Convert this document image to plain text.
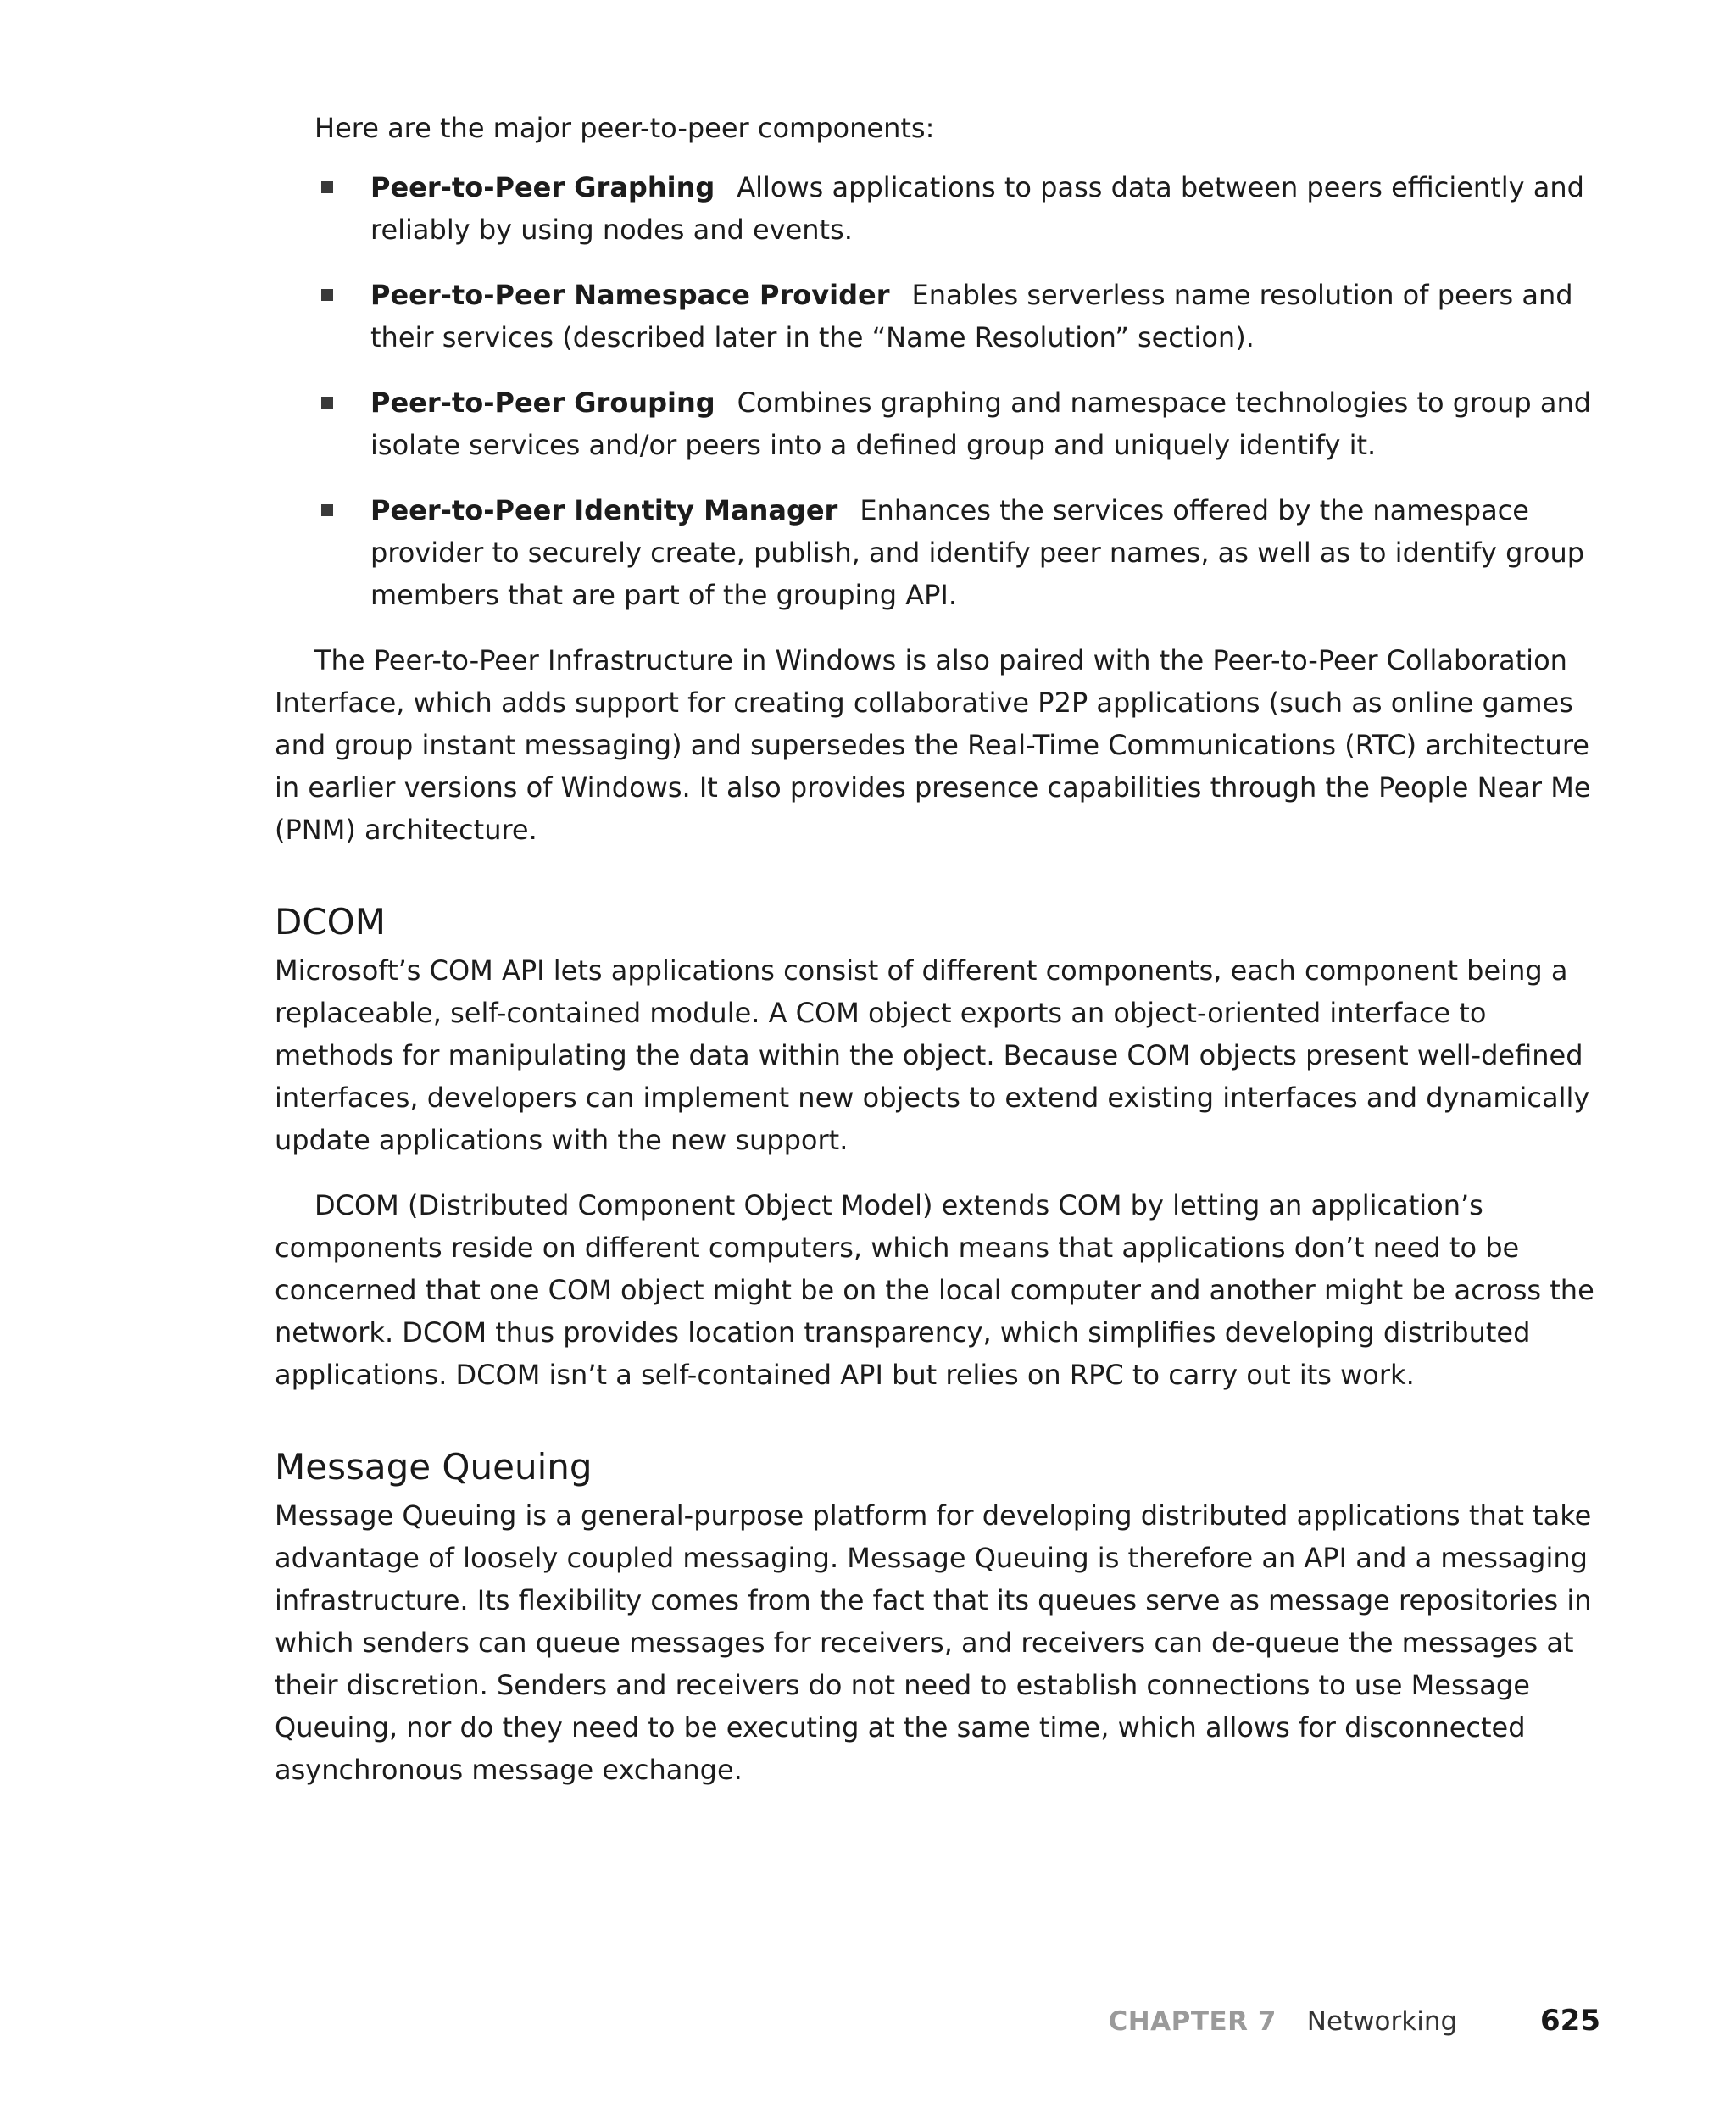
Here are the major peer-to-peer components:

Peer-to-Peer Graphing Allows applications to pass data between peers efficiently and reliably by using nodes and events.
Peer-to-Peer Namespace Provider Enables serverless name resolution of peers and their services (described later in the “Name Resolution” section).
Peer-to-Peer Grouping Combines graphing and namespace technologies to group and isolate services and/or peers into a defined group and uniquely identify it.
Peer-to-Peer Identity Manager Enhances the services offered by the namespace provider to securely create, publish, and identify peer names, as well as to identify group members that are part of the grouping API.

The Peer-to-Peer Infrastructure in Windows is also paired with the Peer-to-Peer Collaboration Interface, which adds support for creating collaborative P2P applications (such as online games and group instant messaging) and supersedes the Real-Time Communications (RTC) architecture in earlier versions of Windows. It also provides presence capabilities through the People Near Me (PNM) architecture.

DCOM

Microsoft’s COM API lets applications consist of different components, each component being a replaceable, self-contained module. A COM object exports an object-oriented interface to methods for manipulating the data within the object. Because COM objects present well-defined interfaces, developers can implement new objects to extend existing interfaces and dynamically update applications with the new support.

DCOM (Distributed Component Object Model) extends COM by letting an application’s components reside on different computers, which means that applications don’t need to be concerned that one COM object might be on the local computer and another might be across the network. DCOM thus provides location transparency, which simplifies developing distributed applications. DCOM isn’t a self-contained API but relies on RPC to carry out its work.

Message Queuing

Message Queuing is a general-purpose platform for developing distributed applications that take advantage of loosely coupled messaging. Message Queuing is therefore an API and a messaging infrastructure. Its flexibility comes from the fact that its queues serve as message repositories in which senders can queue messages for receivers, and receivers can de-queue the messages at their discretion. Senders and receivers do not need to establish connections to use Message Queuing, nor do they need to be executing at the same time, which allows for disconnected asynchronous message exchange.

CHAPTER 7 Networking	625
